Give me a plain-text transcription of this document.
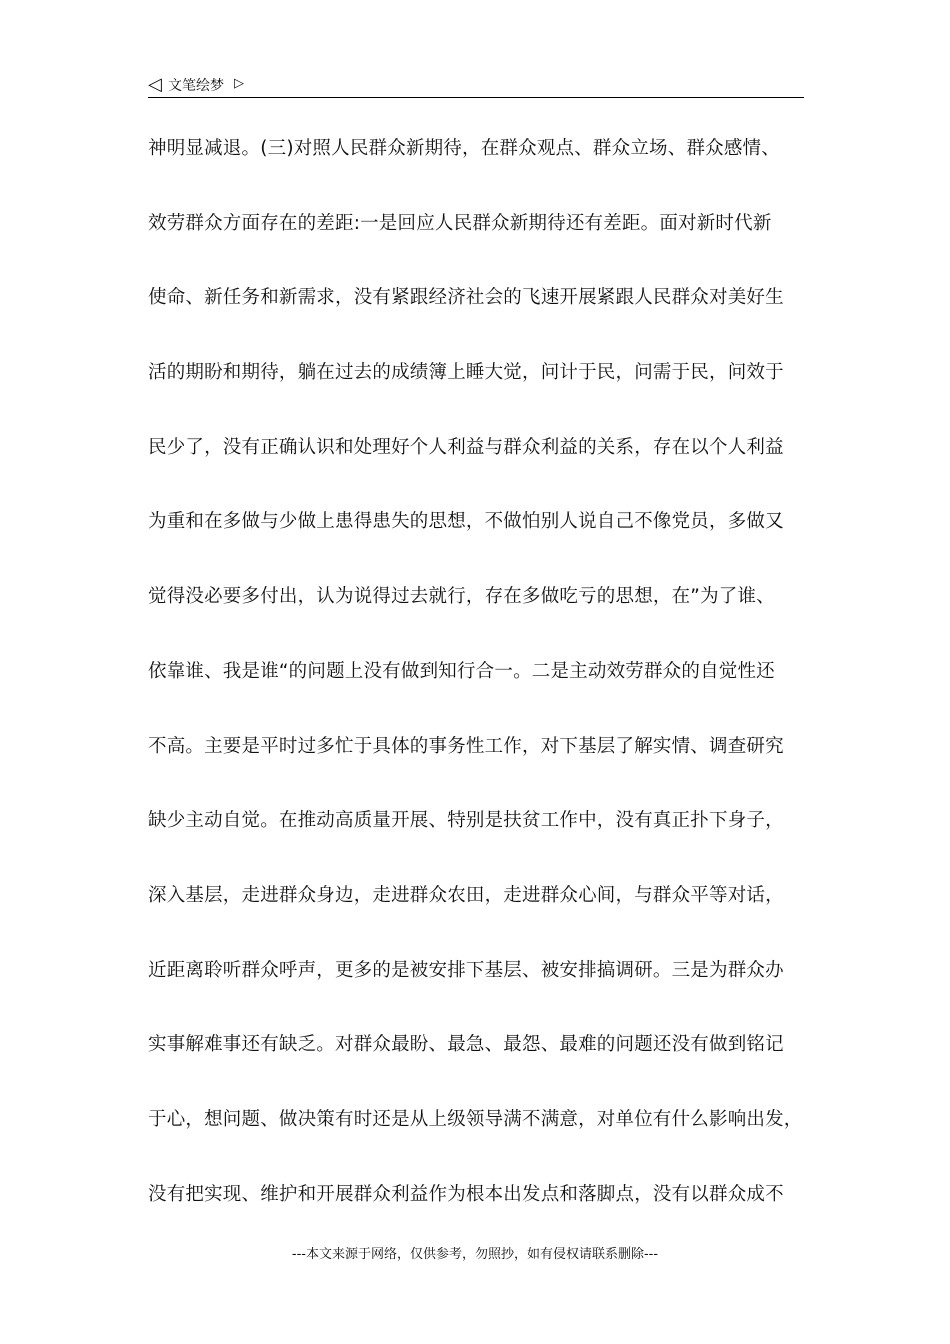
◁ 文笔绘梦 ▷
神明显减退。(三)对照人民群众新期待，在群众观点、群众立场、群众感情、
效劳群众方面存在的差距:一是回应人民群众新期待还有差距。面对新时代新
使命、新任务和新需求，没有紧跟经济社会的飞速开展紧跟人民群众对美好生
活的期盼和期待，躺在过去的成绩簿上睡大觉，问计于民，问需于民，问效于
民少了，没有正确认识和处理好个人利益与群众利益的关系，存在以个人利益
为重和在多做与少做上患得患失的思想，不做怕别人说自己不像党员，多做又
觉得没必要多付出，认为说得过去就行，存在多做吃亏的思想，在”为了谁、
依靠谁、我是谁“的问题上没有做到知行合一。二是主动效劳群众的自觉性还
不高。主要是平时过多忙于具体的事务性工作，对下基层了解实情、调查研究
缺少主动自觉。在推动高质量开展、特别是扶贫工作中，没有真正扑下身子，
深入基层，走进群众身边，走进群众农田，走进群众心间，与群众平等对话，
近距离聆听群众呼声，更多的是被安排下基层、被安排搞调研。三是为群众办
实事解难事还有缺乏。对群众最盼、最急、最怨、最难的问题还没有做到铭记
于心，想问题、做决策有时还是从上级领导满不满意，对单位有什么影响出发，
没有把实现、维护和开展群众利益作为根本出发点和落脚点，没有以群众成不
---本文来源于网络，仅供参考，勿照抄，如有侵权请联系删除---
